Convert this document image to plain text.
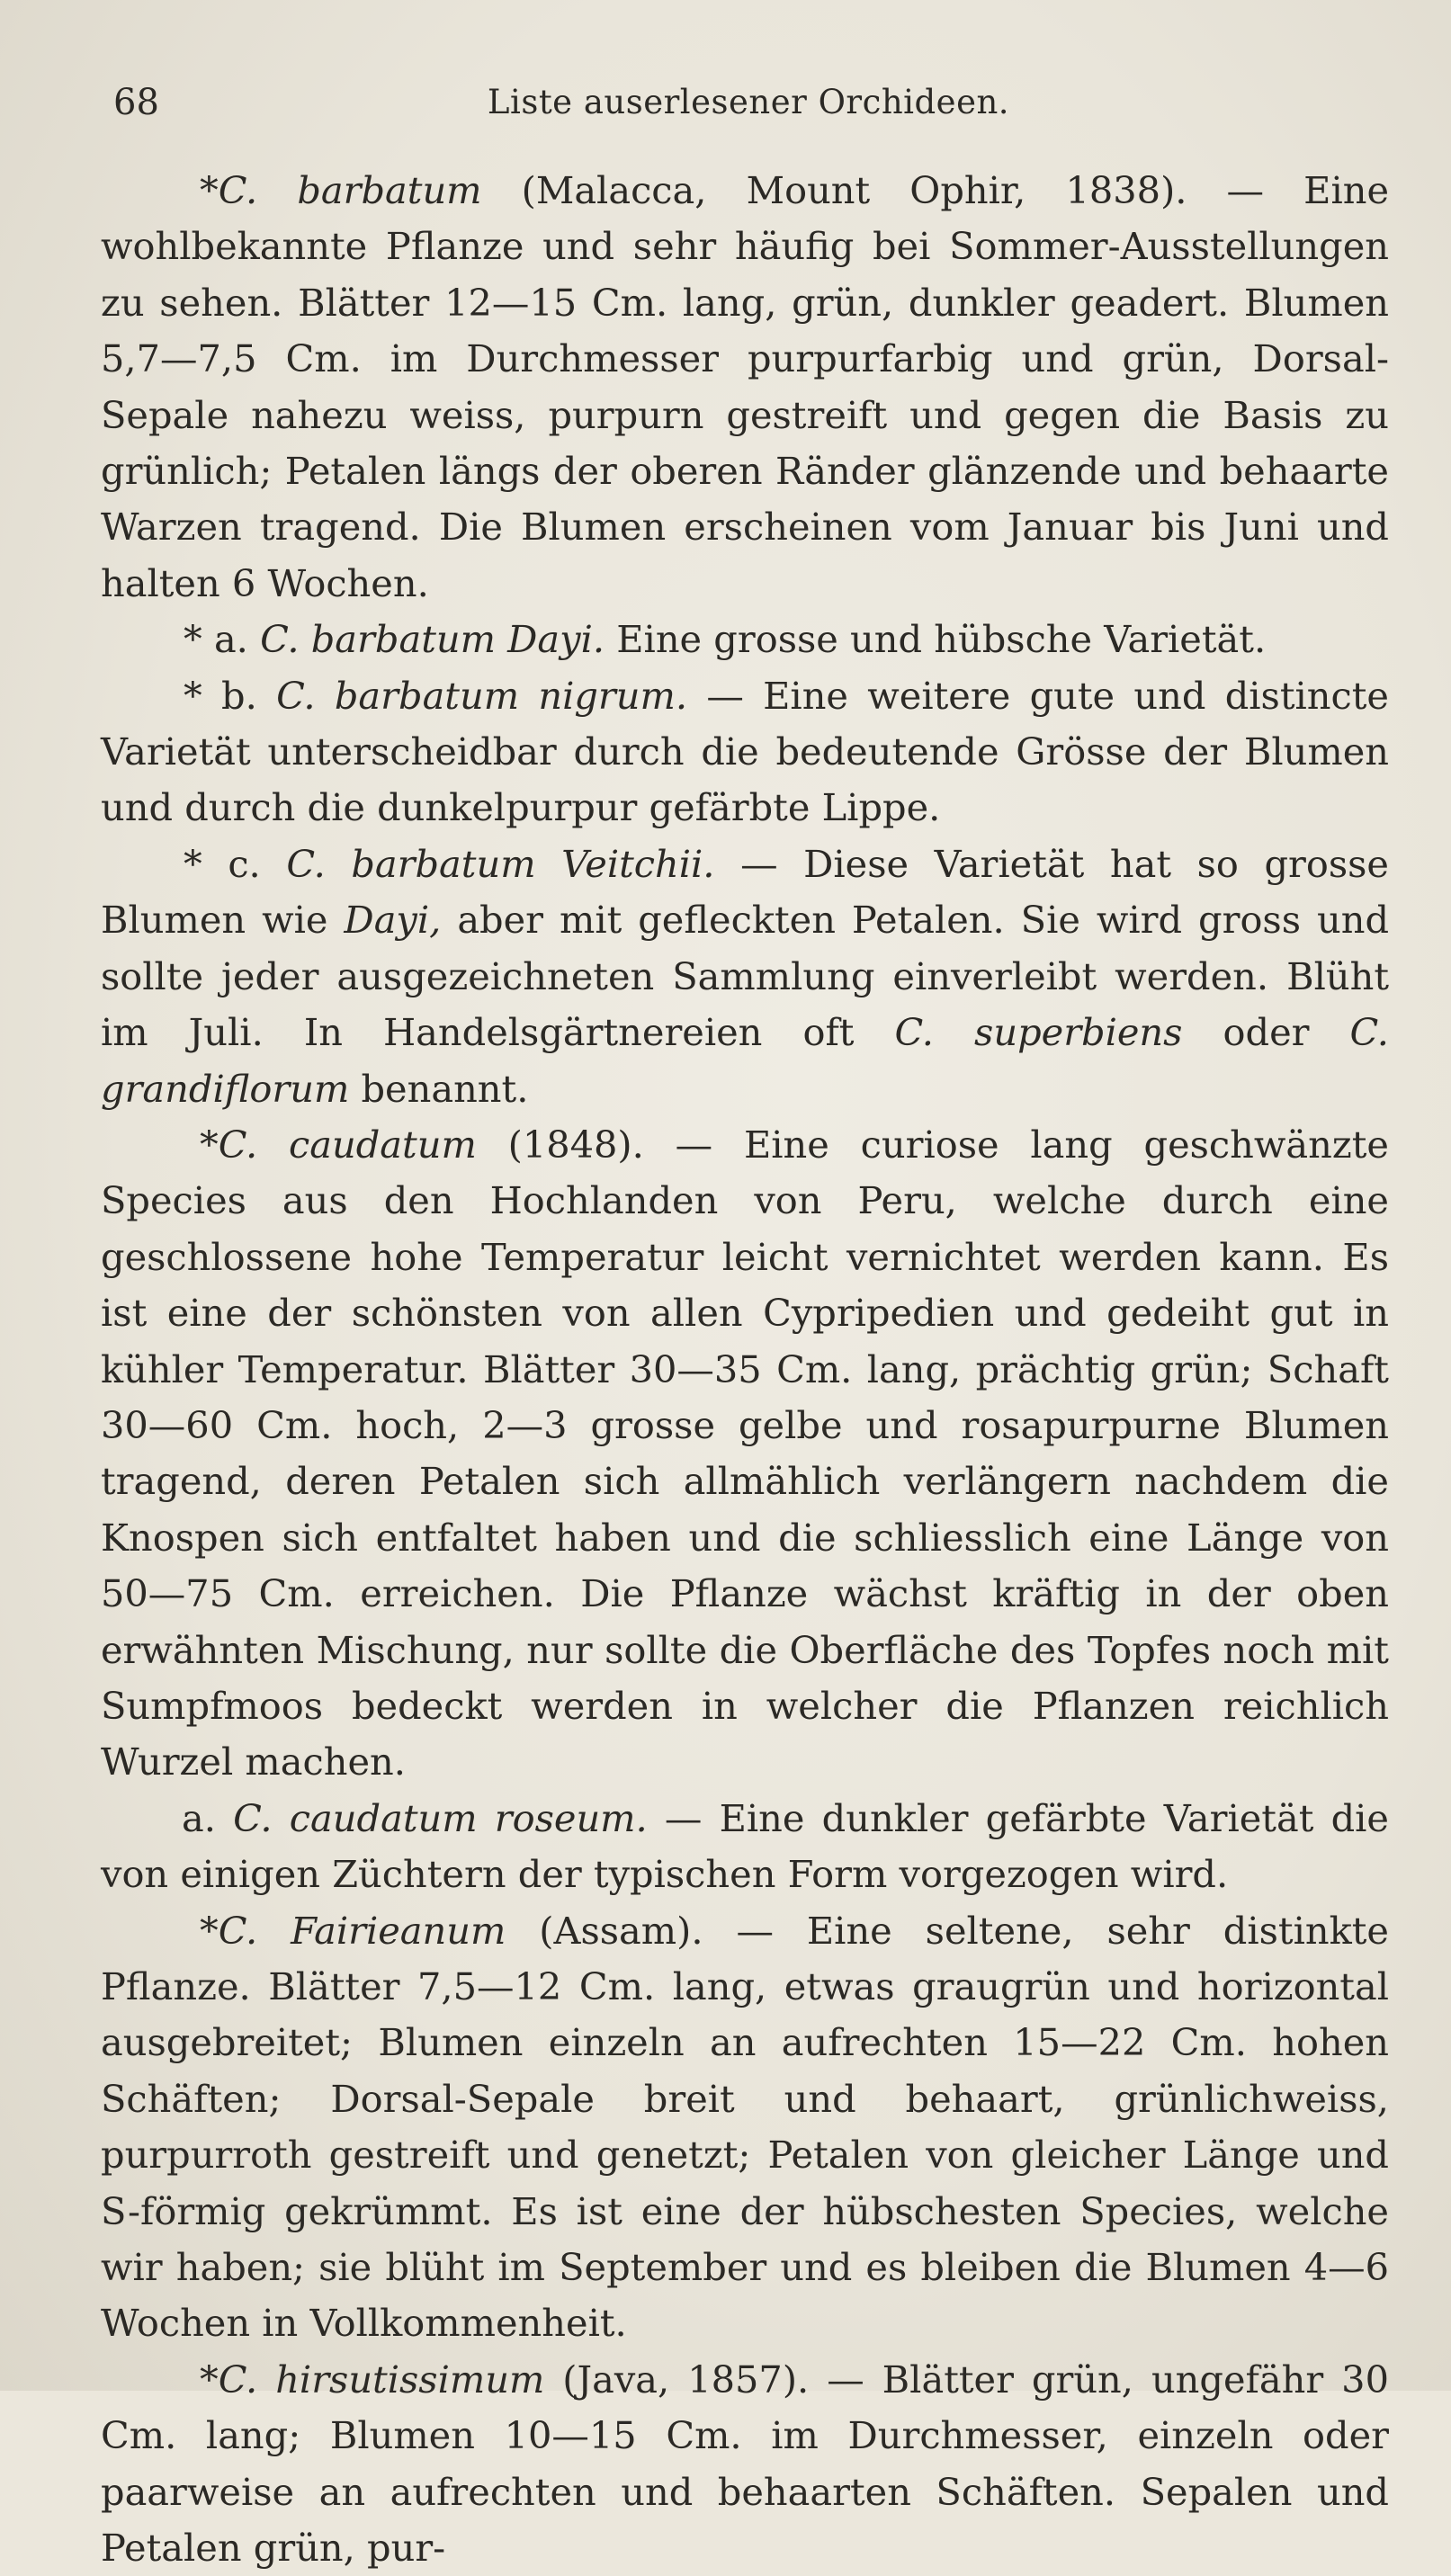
68	Liste auserlesener Orchideen.

*C. barbatum (Malacca, Mount Ophir, 1838). — Eine wohlbekannte Pflanze und sehr häufig bei Sommer-Ausstellungen zu sehen. Blätter 12—15 Cm. lang, grün, dunkler geadert. Blumen 5,7—7,5 Cm. im Durchmesser purpurfarbig und grün, Dorsal-Sepale nahezu weiss, purpurn gestreift und gegen die Basis zu grünlich; Petalen längs der oberen Ränder glänzende und behaarte Warzen tragend. Die Blumen erscheinen vom Januar bis Juni und halten 6 Wochen.

* a. C. barbatum Dayi. Eine grosse und hübsche Varietät.

* b. C. barbatum nigrum. — Eine weitere gute und distincte Varietät unterscheidbar durch die bedeutende Grösse der Blumen und durch die dunkelpurpur gefärbte Lippe.

* c. C. barbatum Veitchii. — Diese Varietät hat so grosse Blumen wie Dayi, aber mit gefleckten Petalen. Sie wird gross und sollte jeder ausgezeichneten Sammlung einverleibt werden. Blüht im Juli. In Handelsgärtnereien oft C. superbiens oder C. grandiflorum benannt.

*C. caudatum (1848). — Eine curiose lang geschwänzte Species aus den Hochlanden von Peru, welche durch eine geschlossene hohe Temperatur leicht vernichtet werden kann. Es ist eine der schönsten von allen Cypripedien und gedeiht gut in kühler Temperatur. Blätter 30—35 Cm. lang, prächtig grün; Schaft 30—60 Cm. hoch, 2—3 grosse gelbe und rosapurpurne Blumen tragend, deren Petalen sich allmählich verlängern nachdem die Knospen sich entfaltet haben und die schliesslich eine Länge von 50—75 Cm. erreichen. Die Pflanze wächst kräftig in der oben erwähnten Mischung, nur sollte die Oberfläche des Topfes noch mit Sumpfmoos bedeckt werden in welcher die Pflanzen reichlich Wurzel machen.

a. C. caudatum roseum. — Eine dunkler gefärbte Varietät die von einigen Züchtern der typischen Form vorgezogen wird.

*C. Fairieanum (Assam). — Eine seltene, sehr distinkte Pflanze. Blätter 7,5—12 Cm. lang, etwas graugrün und horizontal ausgebreitet; Blumen einzeln an aufrechten 15—22 Cm. hohen Schäften; Dorsal-Sepale breit und behaart, grünlichweiss, purpurroth gestreift und genetzt; Petalen von gleicher Länge und S-förmig gekrümmt. Es ist eine der hübschesten Species, welche wir haben; sie blüht im September und es bleiben die Blumen 4—6 Wochen in Vollkommenheit.

*C. hirsutissimum (Java, 1857). — Blätter grün, ungefähr 30 Cm. lang; Blumen 10—15 Cm. im Durchmesser, einzeln oder paarweise an aufrechten und behaarten Schäften. Sepalen und Petalen grün, pur-
